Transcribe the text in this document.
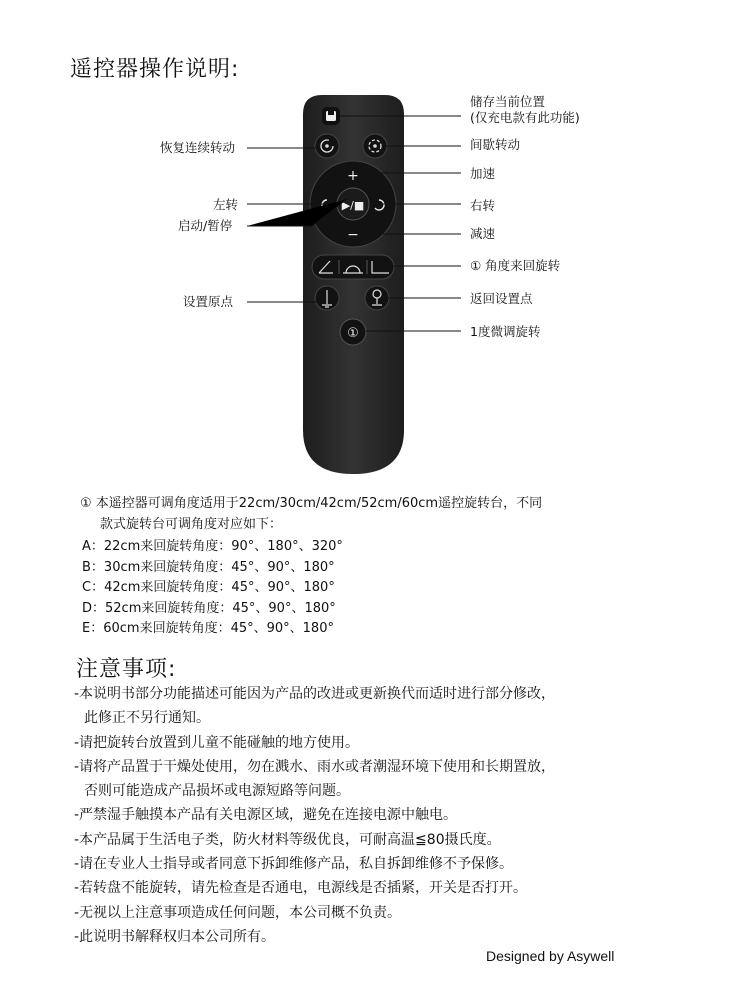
遥控器操作说明:
+
−
▶/■
①
储存当前位置
(仅充电款有此功能)
恢复连续转动	间歇转动
加速
左转
启动/暂停
右转
减速
① 角度来回旋转
设置原点	返回设置点
1度微调旋转
① 本遥控器可调角度适用于22cm/30cm/42cm/52cm/60cm遥控旋转台，不同
款式旋转台可调角度对应如下：
A：22cm来回旋转角度：90°、180°、320°
B：30cm来回旋转角度：45°、90°、180°
C：42cm来回旋转角度：45°、90°、180°
D：52cm来回旋转角度：45°、90°、180°
E：60cm来回旋转角度：45°、90°、180°
注意事项:
-本说明书部分功能描述可能因为产品的改进或更新换代而适时进行部分修改，
此修正不另行通知。
-请把旋转台放置到儿童不能碰触的地方使用。
-请将产品置于干燥处使用，勿在溅水、雨水或者潮湿环境下使用和长期置放，
否则可能造成产品损坏或电源短路等问题。
-严禁湿手触摸本产品有关电源区域，避免在连接电源中触电。
-本产品属于生活电子类，防火材料等级优良，可耐高温≦80摄氏度。
-请在专业人士指导或者同意下拆卸维修产品，私自拆卸维修不予保修。
-若转盘不能旋转，请先检查是否通电，电源线是否插紧，开关是否打开。
-无视以上注意事项造成任何问题，本公司概不负责。
-此说明书解释权归本公司所有。
Designed by Asywell
